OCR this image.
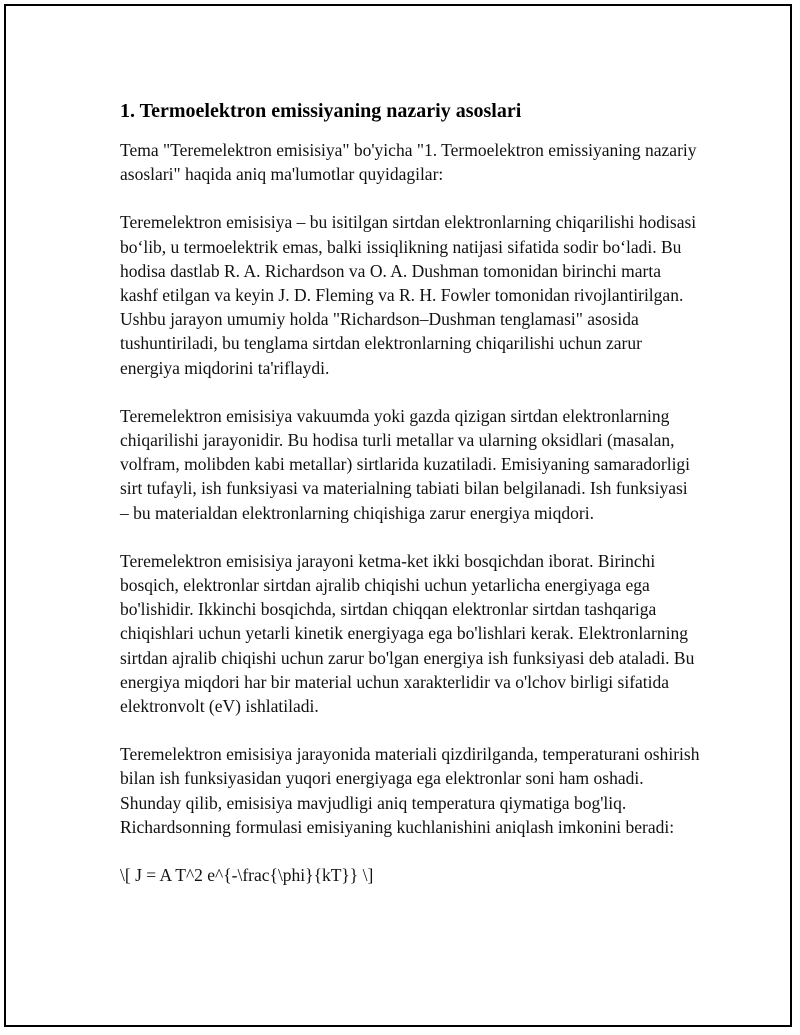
1. Termoelektron emissiyaning nazariy asoslari

Tema "Teremelektron emisisiya" bo'yicha "1. Termoelektron emissiyaning nazariy asoslari" haqida aniq ma'lumotlar quyidagilar:

Teremelektron emisisiya – bu isitilgan sirtdan elektronlarning chiqarilishi hodisasi boʻlib, u termoelektrik emas, balki issiqlikning natijasi sifatida sodir boʻladi. Bu hodisa dastlab R. A. Richardson va O. A. Dushman tomonidan birinchi marta kashf etilgan va keyin J. D. Fleming va R. H. Fowler tomonidan rivojlantirilgan. Ushbu jarayon umumiy holda "Richardson–Dushman tenglamasi" asosida tushuntiriladi, bu tenglama sirtdan elektronlarning chiqarilishi uchun zarur energiya miqdorini ta'riflaydi.

Teremelektron emisisiya vakuumda yoki gazda qizigan sirtdan elektronlarning chiqarilishi jarayonidir. Bu hodisa turli metallar va ularning oksidlari (masalan, volfram, molibden kabi metallar) sirtlarida kuzatiladi. Emisiyaning samaradorligi sirt tufayli, ish funksiyasi va materialning tabiati bilan belgilanadi. Ish funksiyasi – bu materialdan elektronlarning chiqishiga zarur energiya miqdori.

Teremelektron emisisiya jarayoni ketma-ket ikki bosqichdan iborat. Birinchi bosqich, elektronlar sirtdan ajralib chiqishi uchun yetarlicha energiyaga ega bo'lishidir. Ikkinchi bosqichda, sirtdan chiqqan elektronlar sirtdan tashqariga chiqishlari uchun yetarli kinetik energiyaga ega bo'lishlari kerak. Elektronlarning sirtdan ajralib chiqishi uchun zarur bo'lgan energiya ish funksiyasi deb ataladi. Bu energiya miqdori har bir material uchun xarakterlidir va o'lchov birligi sifatida elektronvolt (eV) ishlatiladi.

Teremelektron emisisiya jarayonida materiali qizdirilganda, temperaturani oshirish bilan ish funksiyasidan yuqori energiyaga ega elektronlar soni ham oshadi. Shunday qilib, emisisiya mavjudligi aniq temperatura qiymatiga bog'liq. Richardsonning formulasi emisiyaning kuchlanishini aniqlash imkonini beradi:

\[ J = A T^2 e^{-\frac{\phi}{kT}} \]
